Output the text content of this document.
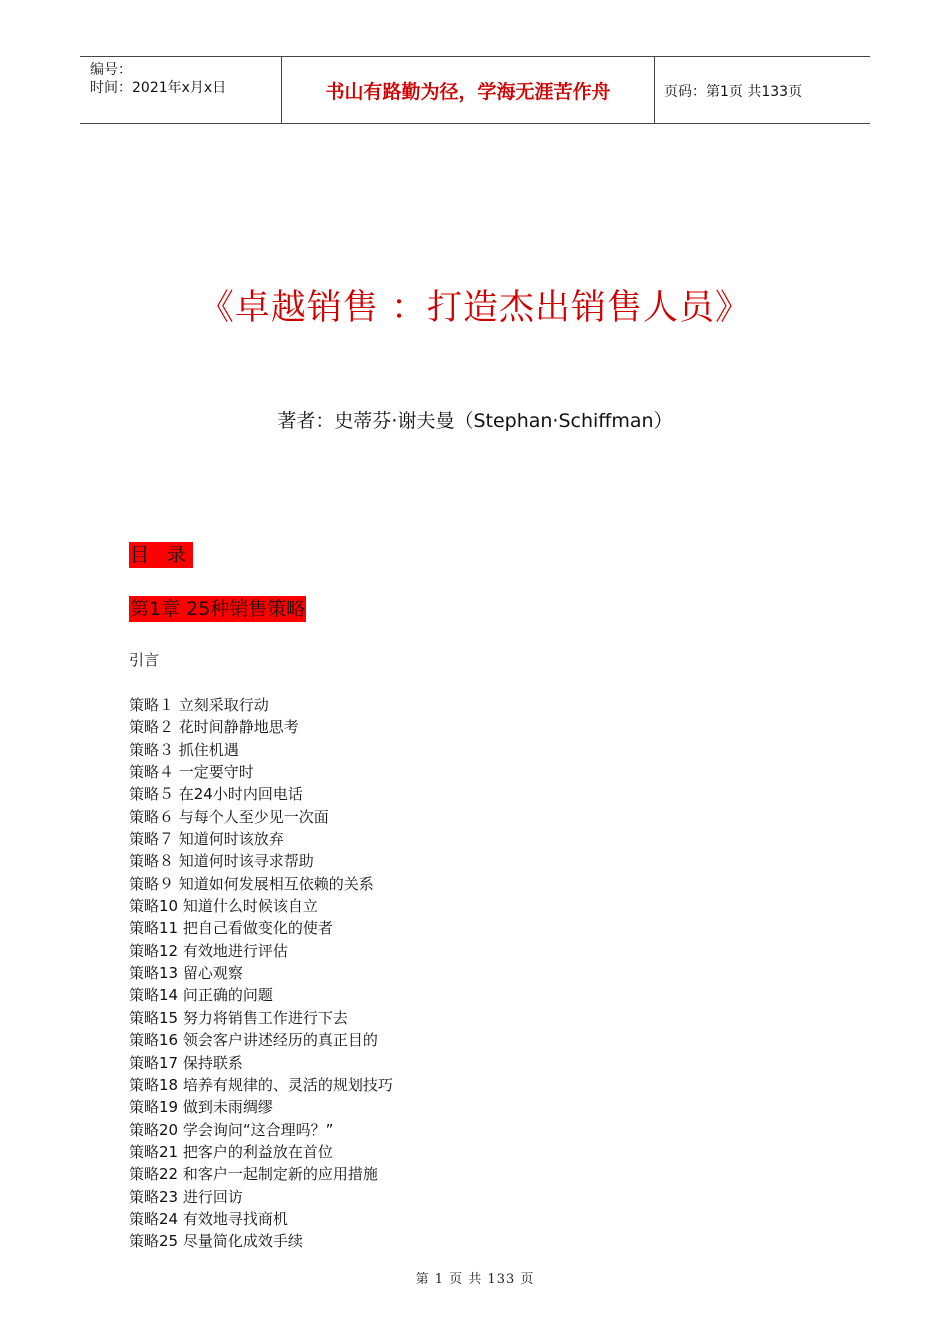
编号：
时间：2021年x月x日	书山有路勤为径，学海无涯苦作舟	页码：第1页 共133页
《卓越销售 ：打造杰出销售人员》
著者：史蒂芬·谢夫曼（Stephan·Schiffman）
目 录
第1章 25种销售策略
引言
策略１ 立刻采取行动
策略２ 花时间静静地思考
策略３ 抓住机遇
策略４ 一定要守时
策略５ 在24小时内回电话
策略６ 与每个人至少见一次面
策略７ 知道何时该放弃
策略８ 知道何时该寻求帮助
策略９ 知道如何发展相互依赖的关系
策略10 知道什么时候该自立
策略11 把自己看做变化的使者
策略12 有效地进行评估
策略13 留心观察
策略14 问正确的问题
策略15 努力将销售工作进行下去
策略16 领会客户讲述经历的真正目的
策略17 保持联系
策略18 培养有规律的、灵活的规划技巧
策略19 做到未雨绸缪
策略20 学会询问“这合理吗？”
策略21 把客户的利益放在首位
策略22 和客户一起制定新的应用措施
策略23 进行回访
策略24 有效地寻找商机
策略25 尽量简化成效手续
第 1 页 共 133 页
